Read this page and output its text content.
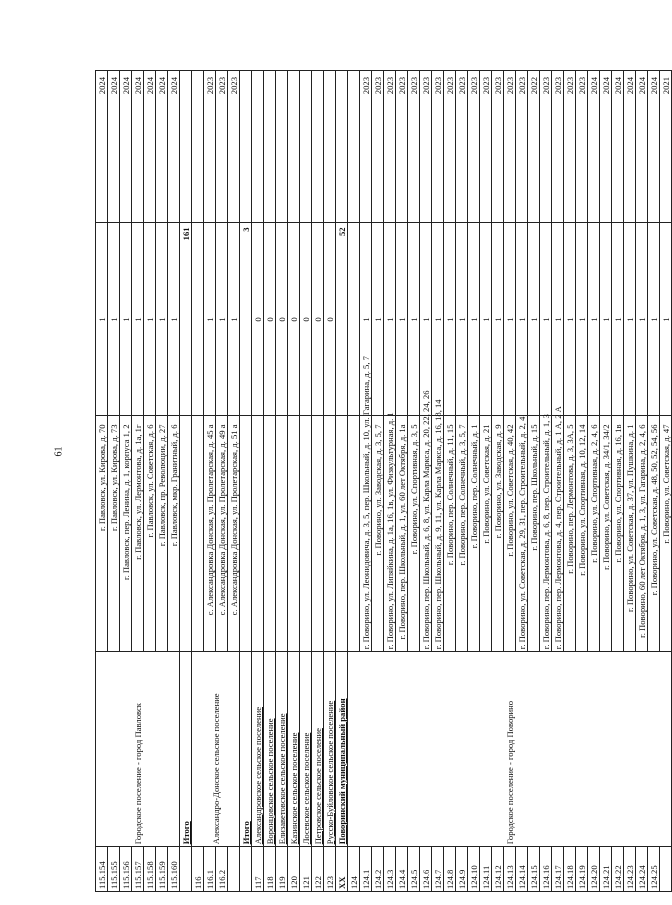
61
115.154	Городское поселение - город Павловск	г. Павловск, ул. Кирова, д. 70	1	2024
115.155		г. Павловск, ул. Кирова, д. 73	1	2024
115.156		г. Павловск, пер. Ленина, д. 1, корпуса 1, 2	1	2024
115.157		г. Павловск, ул. Лермонтова, д. 1а, 1г	1	2024
115.158		г. Павловск, ул. Советская, д. 6	1	2024
115.159		г. Павловск, пр. Революции, д. 27	1	2024
115.160		г. Павловск, мкр. Гранитный, д. 6	1	2024
	Итого		161	
116	Александро-Донское сельское поселение			
116.1		с. Александровка Донская, ул. Пролетарская, д. 45 а	1	2023
116.2		с. Александровка Донская, ул. Пролетарская, д. 49 а	1	2023
		с. Александровка Донская, ул. Пролетарская, д. 51 а	1	2023
	Итого		3	
117	Александровское сельское поселение		0	
118	Воронцовское сельское поселение		0	
119	Елизаветовское сельское поселение		0	
120	Казинское сельское поселение		0	
121	Лосевское сельское поселение		0	
122	Петровское сельское поселение		0	
123	Русско-Буйловское сельское поселение		0	
XX	Поворинский муниципальный район		52	
124	Городское поселение - город Поворино			
124.1		г. Поворино, ул. Леонидовича, д. 3, 5, пер. Школьный, д. 10, ул. Гагарина, д. 5, 7	1	2023
124.2		г. Поворино, ул. Заводская, д. 3, 5, 7	1	2023
124.3		г. Поворино, ул. Липяйкина, д. 1а, 16, 1в, ул. Физкультурная, д. 1	1	2023
124.4		г. Поворино, пер. Школьный, д. 1, ул. 60 лет Октября, д. 1а	1	2023
124.5		г. Поворино, ул. Спортивная, д. 3, 5	1	2023
124.6		г. Поворино, пер. Школьный, д. 6, 8, ул. Карла Маркса, д. 20, 22, 24, 26	1	2023
124.7		г. Поворино, пер. Школьный, д. 9, 11, ул. Карла Маркса, д. 16, 18, 14	1	2023
124.8		г. Поворино, пер. Солнечный, д. 11, 15	1	2023
124.9		г. Поворино, пер. Солнечный, д. 3, 5, 7	1	2023
124.10		г. Поворино, пер. Солнечный, д. 1	1	2023
124.11		г. Поворино, ул. Советская, д. 21	1	2023
124.12		г. Поворино, ул. Заводская, д. 9	1	2023
124.13		г. Поворино, ул. Советская, д. 40, 42	1	2023
124.14		г. Поворино, ул. Советская, д. 29, 31, пер. Строительный, д. 2, 4	1	2023
124.15		г. Поворино, пер. Школьный, д. 15	1	2022
124.16		г. Поворино, пер. Лермонтова, д. 6, 8, пер. Строительный, д. 1, 3	1	2023
124.17		г. Поворино, пер. Лермонтова, д. 4, пер. Строительный, д. 1 А, 2 А	1	2023
124.18		г. Поворино, пер. Лермонтова, д. 3, 3А, 5	1	2023
124.19		г. Поворино, ул. Спортивная, д. 10, 12, 14	1	2023
124.20		г. Поворино, ул. Спортивная, д. 2, 4, 6	1	2024
124.21		г. Поворино, ул. Советская, д. 34/1, 34/2	1	2024
124.22		г. Поворино, ул. Спортивная, д. 16, 1в	1	2024
124.23		г. Поворино, ул. Советская, д. 37, ул. Пушкина, д. 1	1	2024
124.24		г. Поворино, 60 лет Октября, д. 1, 3, ул. Гагарина, д. 2, 4, 6	1	2024
124.25		г. Поворино, ул. Советская, д. 48, 50, 52, 54, 56	1	2024
		г. Поворино, ул. Советская, д. 47	1	2021
